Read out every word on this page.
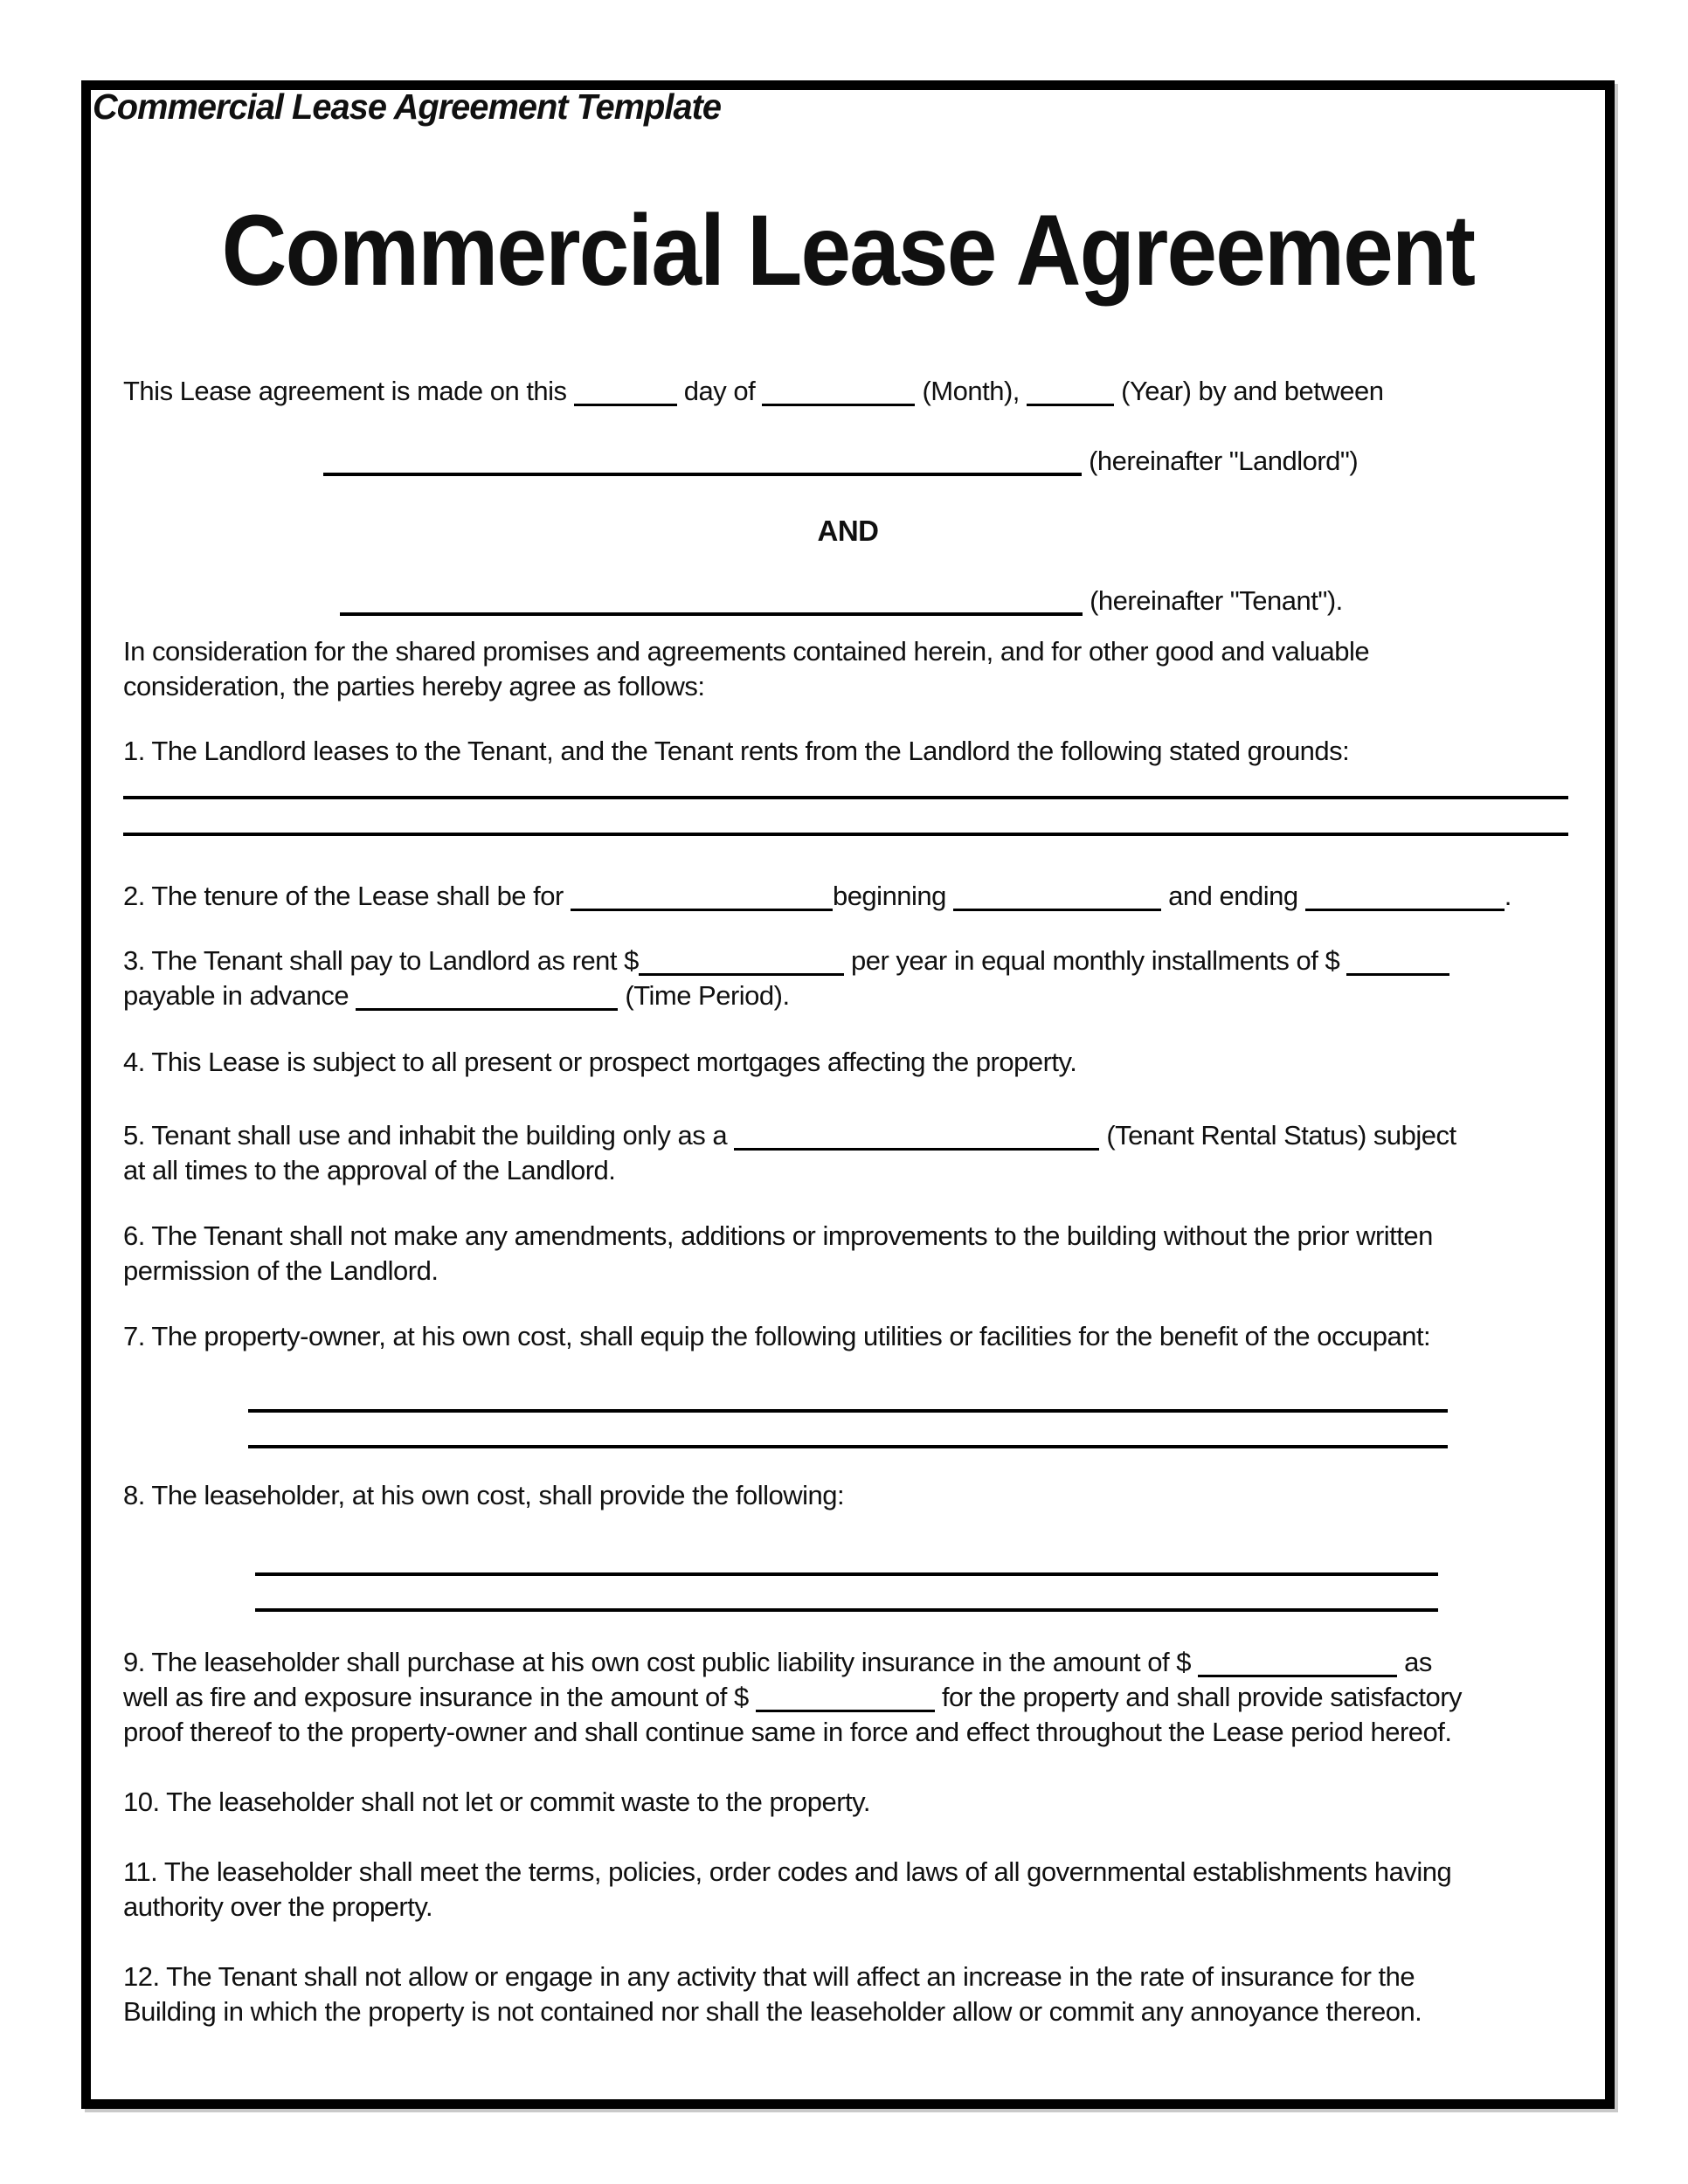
Commercial Lease Agreement Template
Commercial Lease Agreement
This Lease agreement is made on this	day of	(Month),	(Year) by and between
(hereinafter "Landlord")
AND
(hereinafter "Tenant").
In consideration for the shared promises and agreements contained herein, and for other good and valuable
consideration, the parties hereby agree as follows:
1. The Landlord leases to the Tenant, and the Tenant rents from the Landlord the following stated grounds:
2. The tenure of the Lease shall be for	beginning	and ending	.
3. The Tenant shall pay to Landlord as rent $	per year in equal monthly installments of $
payable in advance	(Time Period).
4. This Lease is subject to all present or prospect mortgages affecting the property.
5. Tenant shall use and inhabit the building only as a	(Tenant Rental Status) subject
at all times to the approval of the Landlord.
6. The Tenant shall not make any amendments, additions or improvements to the building without the prior written
permission of the Landlord.
7. The property-owner, at his own cost, shall equip the following utilities or facilities for the benefit of the occupant:
8. The leaseholder, at his own cost, shall provide the following:
9. The leaseholder shall purchase at his own cost public liability insurance in the amount of $	as
well as fire and exposure insurance in the amount of $	for the property and shall provide satisfactory
proof thereof to the property-owner and shall continue same in force and effect throughout the Lease period hereof.
10. The leaseholder shall not let or commit waste to the property.
11. The leaseholder shall meet the terms, policies, order codes and laws of all governmental establishments having
authority over the property.
12. The Tenant shall not allow or engage in any activity that will affect an increase in the rate of insurance for the
Building in which the property is not contained nor shall the leaseholder allow or commit any annoyance thereon.
